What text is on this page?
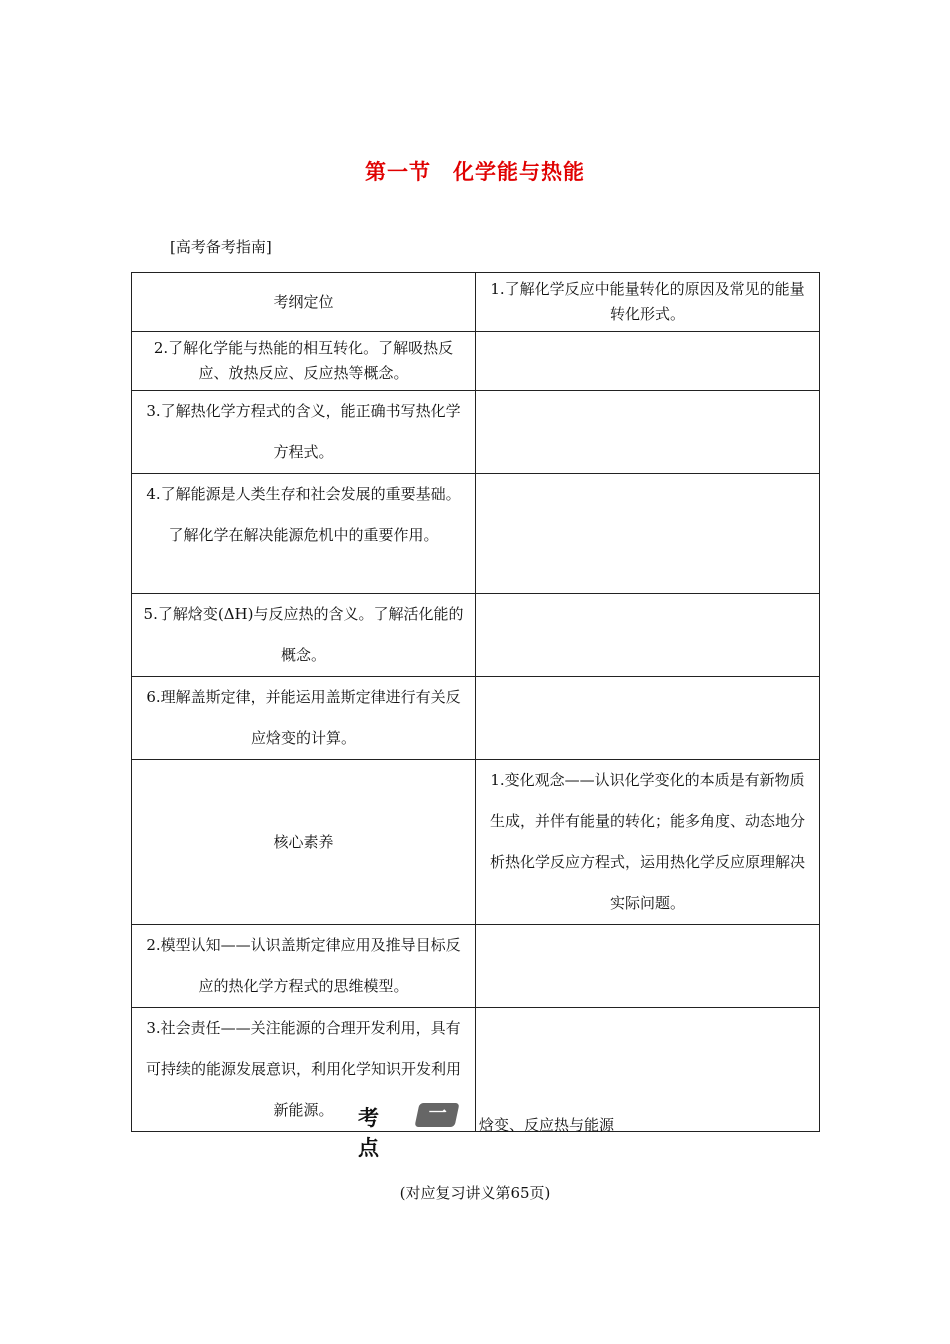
第一节　化学能与热能
[高考备考指南]
考纲定位	1.了解化学反应中能量转化的原因及常见的能量转化形式。
2.了解化学能与热能的相互转化。了解吸热反应、放热反应、反应热等概念。	
3.了解热化学方程式的含义，能正确书写热化学方程式。	
4.了解能源是人类生存和社会发展的重要基础。了解化学在解决能源危机中的重要作用。	
5.了解焓变(ΔH)与反应热的含义。了解活化能的概念。	
6.理解盖斯定律，并能运用盖斯定律进行有关反应焓变的计算。	
核心素养	1.变化观念——认识化学变化的本质是有新物质生成，并伴有能量的转化；能多角度、动态地分析热化学反应方程式，运用热化学反应原理解决实际问题。
2.模型认知——认识盖斯定律应用及推导目标反应的热化学方程式的思维模型。	
3.社会责任——关注能源的合理开发利用，具有可持续的能源发展意识，利用化学知识开发利用新能源。	考点
一
焓变、反应热与能源
(对应复习讲义第65页)
